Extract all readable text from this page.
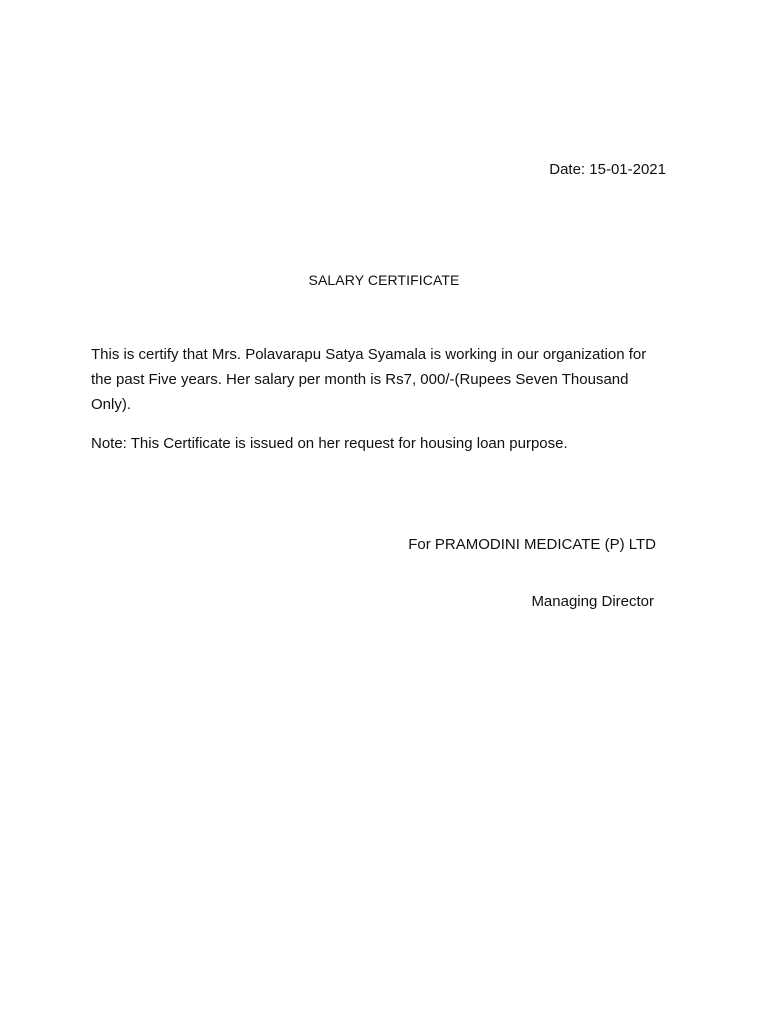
Date: 15-01-2021
SALARY CERTIFICATE
This is certify that Mrs. Polavarapu Satya Syamala is working in our organization for the past Five years. Her salary per month is Rs7, 000/-(Rupees Seven Thousand Only).
Note: This Certificate is issued on her request for housing loan purpose.
For PRAMODINI MEDICATE (P) LTD
Managing Director
